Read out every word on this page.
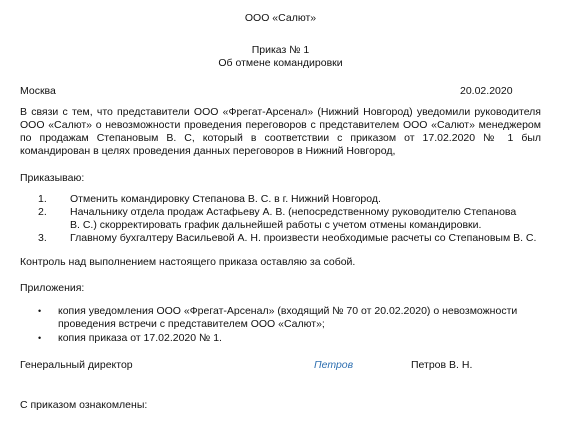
ООО «Салют»
Приказ № 1
Об отмене командировки
Москва	20.02.2020
В связи с тем, что представители ООО «Фрегат-Арсенал» (Нижний Новгород) уведомили руководителя
ООО «Салют» о невозможности проведения переговоров с представителем ООО «Салют» менеджером
по продажам Степановым В. С, который в соответствии с приказом от 17.02.2020 № 1 был
командирован в целях проведения данных переговоров в Нижний Новгород,
Приказываю:
1. Отменить командировку Степанова В. С. в г. Нижний Новгород.
2. Начальнику отдела продаж Астафьеву А. В. (непосредственному руководителю Степанова
В. С.) скорректировать график дальнейшей работы с учетом отмены командировки.
3. Главному бухгалтеру Васильевой А. Н. произвести необходимые расчеты со Степановым В. С.
Контроль над выполнением настоящего приказа оставляю за собой.
Приложения:
• копия уведомления ООО «Фрегат-Арсенал» (входящий № 70 от 20.02.2020) о невозможности
проведения встречи с представителем ООО «Салют»;
• копия приказа от 17.02.2020 № 1.
Генеральный директор	Петров	Петров В. Н.
С приказом ознакомлены:
